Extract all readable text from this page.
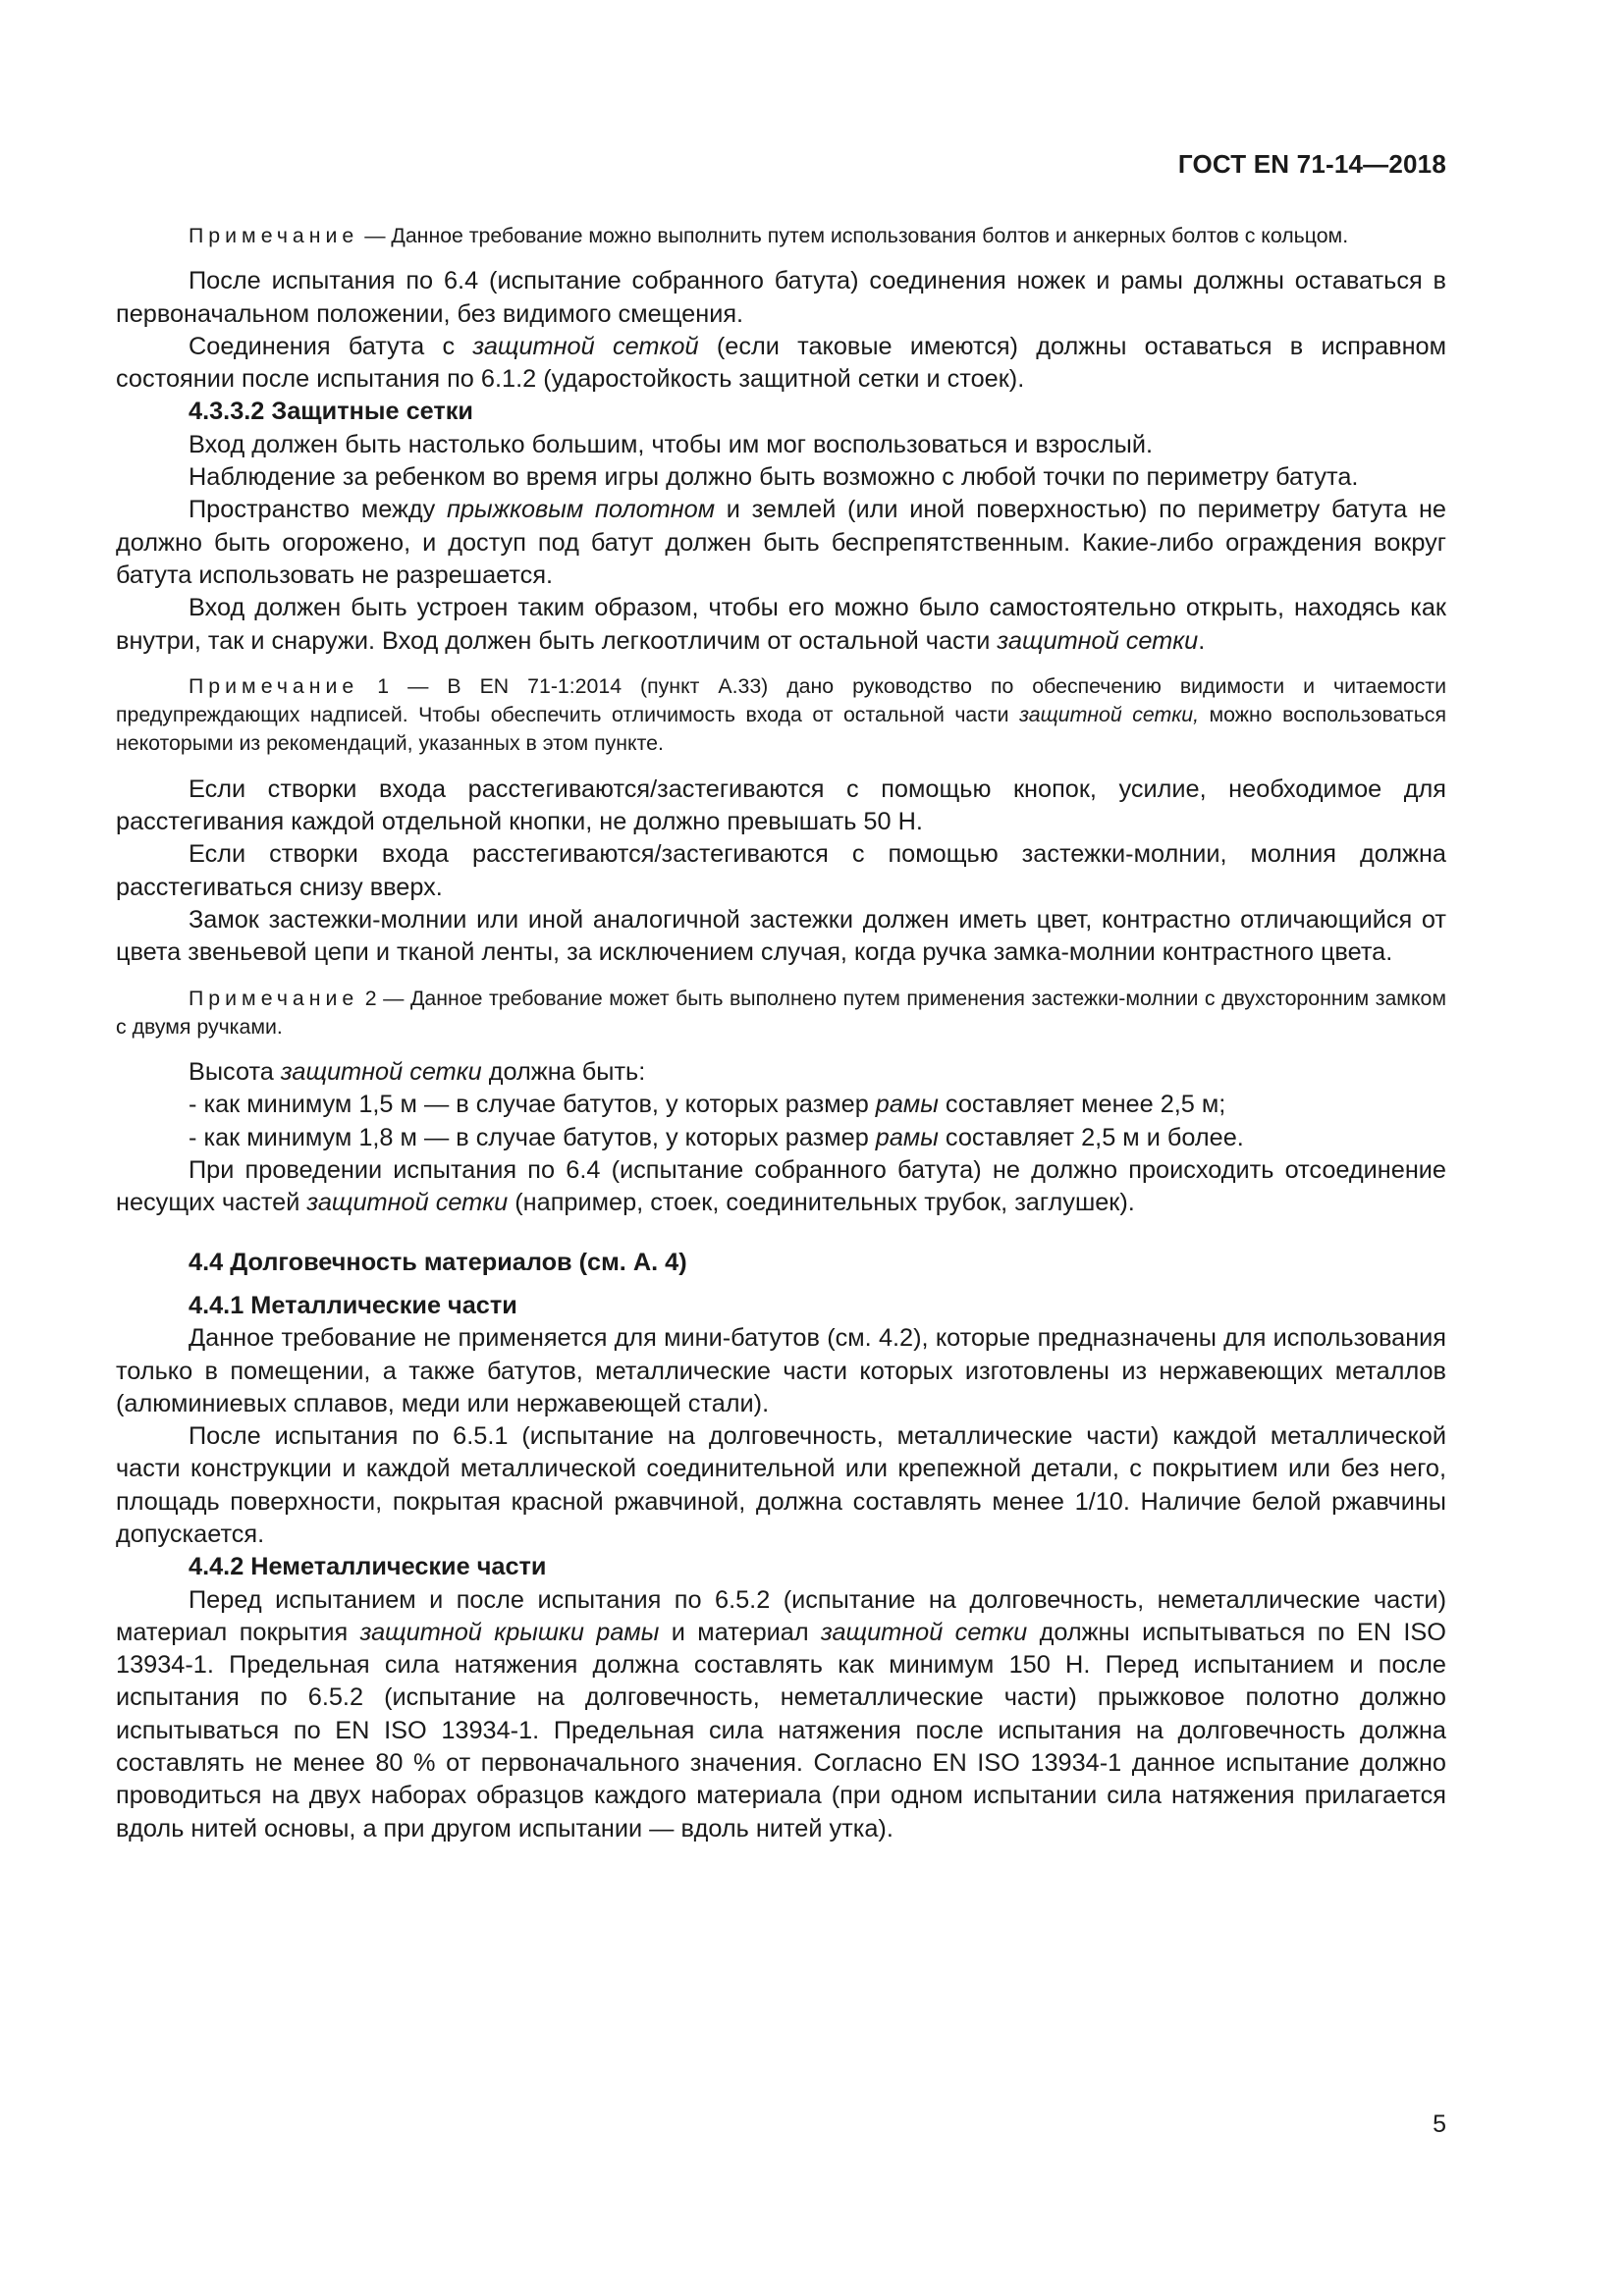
ГОСТ EN 71-14—2018

Примечание — Данное требование можно выполнить путем использования болтов и анкерных болтов с кольцом.

После испытания по 6.4 (испытание собранного батута) соединения ножек и рамы должны оставаться в первоначальном положении, без видимого смещения.

Соединения батута с защитной сеткой (если таковые имеются) должны оставаться в исправном состоянии после испытания по 6.1.2 (ударостойкость защитной сетки и стоек).

4.3.3.2 Защитные сетки

Вход должен быть настолько большим, чтобы им мог воспользоваться и взрослый.

Наблюдение за ребенком во время игры должно быть возможно с любой точки по периметру батута.

Пространство между прыжковым полотном и землей (или иной поверхностью) по периметру батута не должно быть огорожено, и доступ под батут должен быть беспрепятственным. Какие-либо ограждения вокруг батута использовать не разрешается.

Вход должен быть устроен таким образом, чтобы его можно было самостоятельно открыть, находясь как внутри, так и снаружи. Вход должен быть легкоотличим от остальной части защитной сетки.

Примечание 1 — В EN 71-1:2014 (пункт А.33) дано руководство по обеспечению видимости и читаемости предупреждающих надписей. Чтобы обеспечить отличимость входа от остальной части защитной сетки, можно воспользоваться некоторыми из рекомендаций, указанных в этом пункте.

Если створки входа расстегиваются/застегиваются с помощью кнопок, усилие, необходимое для расстегивания каждой отдельной кнопки, не должно превышать 50 Н.

Если створки входа расстегиваются/застегиваются с помощью застежки-молнии, молния должна расстегиваться снизу вверх.

Замок застежки-молнии или иной аналогичной застежки должен иметь цвет, контрастно отличающийся от цвета звеньевой цепи и тканой ленты, за исключением случая, когда ручка замка-молнии контрастного цвета.

Примечание 2 — Данное требование может быть выполнено путем применения застежки-молнии с двухсторонним замком с двумя ручками.

Высота защитной сетки должна быть:

- как минимум 1,5 м — в случае батутов, у которых размер рамы составляет менее 2,5 м;

- как минимум 1,8 м — в случае батутов, у которых размер рамы составляет 2,5 м и более.

При проведении испытания по 6.4 (испытание собранного батута) не должно происходить отсоединение несущих частей защитной сетки (например, стоек, соединительных трубок, заглушек).

4.4 Долговечность материалов (см. А. 4)

4.4.1 Металлические части

Данное требование не применяется для мини-батутов (см. 4.2), которые предназначены для использования только в помещении, а также батутов, металлические части которых изготовлены из нержавеющих металлов (алюминиевых сплавов, меди или нержавеющей стали).

После испытания по 6.5.1 (испытание на долговечность, металлические части) каждой металлической части конструкции и каждой металлической соединительной или крепежной детали, с покрытием или без него, площадь поверхности, покрытая красной ржавчиной, должна составлять менее 1/10. Наличие белой ржавчины допускается.

4.4.2 Неметаллические части

Перед испытанием и после испытания по 6.5.2 (испытание на долговечность, неметаллические части) материал покрытия защитной крышки рамы и материал защитной сетки должны испытываться по EN ISO 13934-1. Предельная сила натяжения должна составлять как минимум 150 Н. Перед испытанием и после испытания по 6.5.2 (испытание на долговечность, неметаллические части) прыжковое полотно должно испытываться по EN ISO 13934-1. Предельная сила натяжения после испытания на долговечность должна составлять не менее 80 % от первоначального значения. Согласно EN ISO 13934-1 данное испытание должно проводиться на двух наборах образцов каждого материала (при одном испытании сила натяжения прилагается вдоль нитей основы, а при другом испытании — вдоль нитей утка).

5
